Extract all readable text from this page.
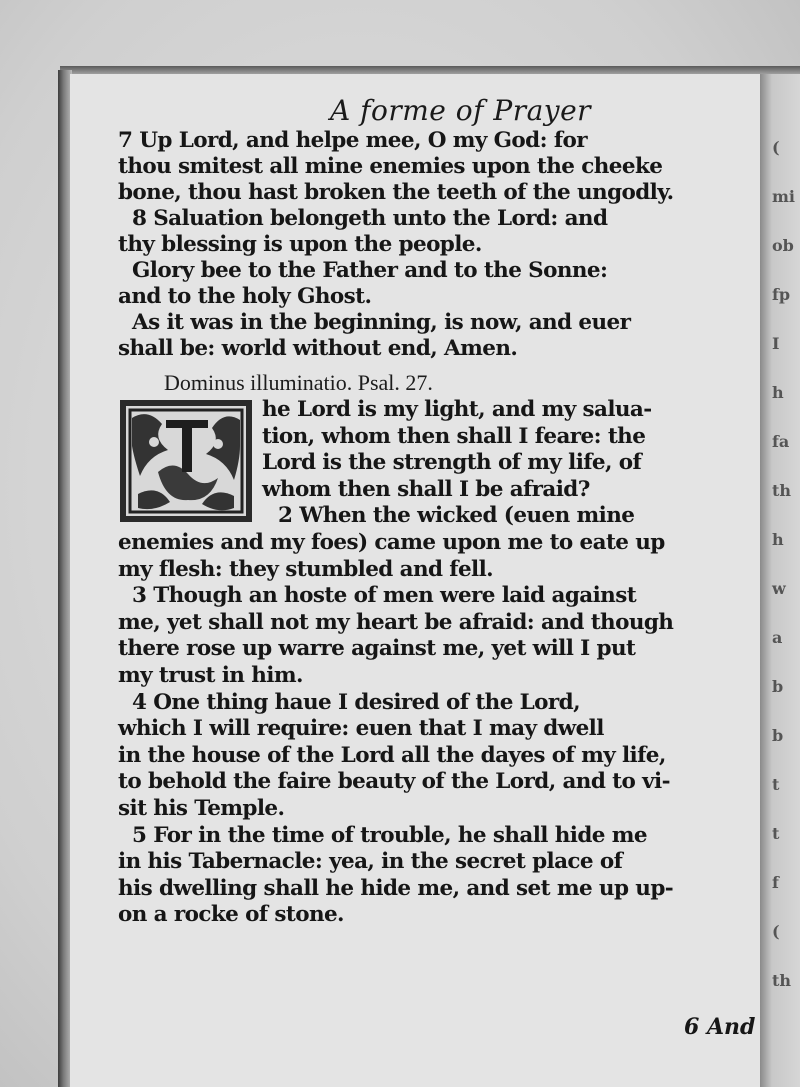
(
mi
ob
fp
I
h
fa
th
h
w
a
b
b
t
t
f
(
th
A forme of Prayer
7 Up Lord, and helpe mee, O my God: for
thou smitest all mine enemies upon the cheeke
bone, thou hast broken the teeth of the ungodly.
8 Saluation belongeth unto the Lord: and
thy blessing is upon the people.
Glory bee to the Father and to the Sonne:
and to the holy Ghost.
As it was in the beginning, is now, and euer
shall be: world without end, Amen.
Dominus illuminatio. Psal. 27.
he Lord is my light, and my salua-
tion, whom then shall I feare: the
Lord is the strength of my life, of
whom then shall I be afraid?
2 When the wicked (euen mine
enemies and my foes) came upon me to eate up
my flesh: they stumbled and fell.
3 Though an hoste of men were laid against
me, yet shall not my heart be afraid: and though
there rose up warre against me, yet will I put
my trust in him.
4 One thing haue I desired of the Lord,
which I will require: euen that I may dwell
in the house of the Lord all the dayes of my life,
to behold the faire beauty of the Lord, and to vi-
sit his Temple.
5 For in the time of trouble, he shall hide me
in his Tabernacle: yea, in the secret place of
his dwelling shall he hide me, and set me up up-
on a rocke of stone.
6 And
